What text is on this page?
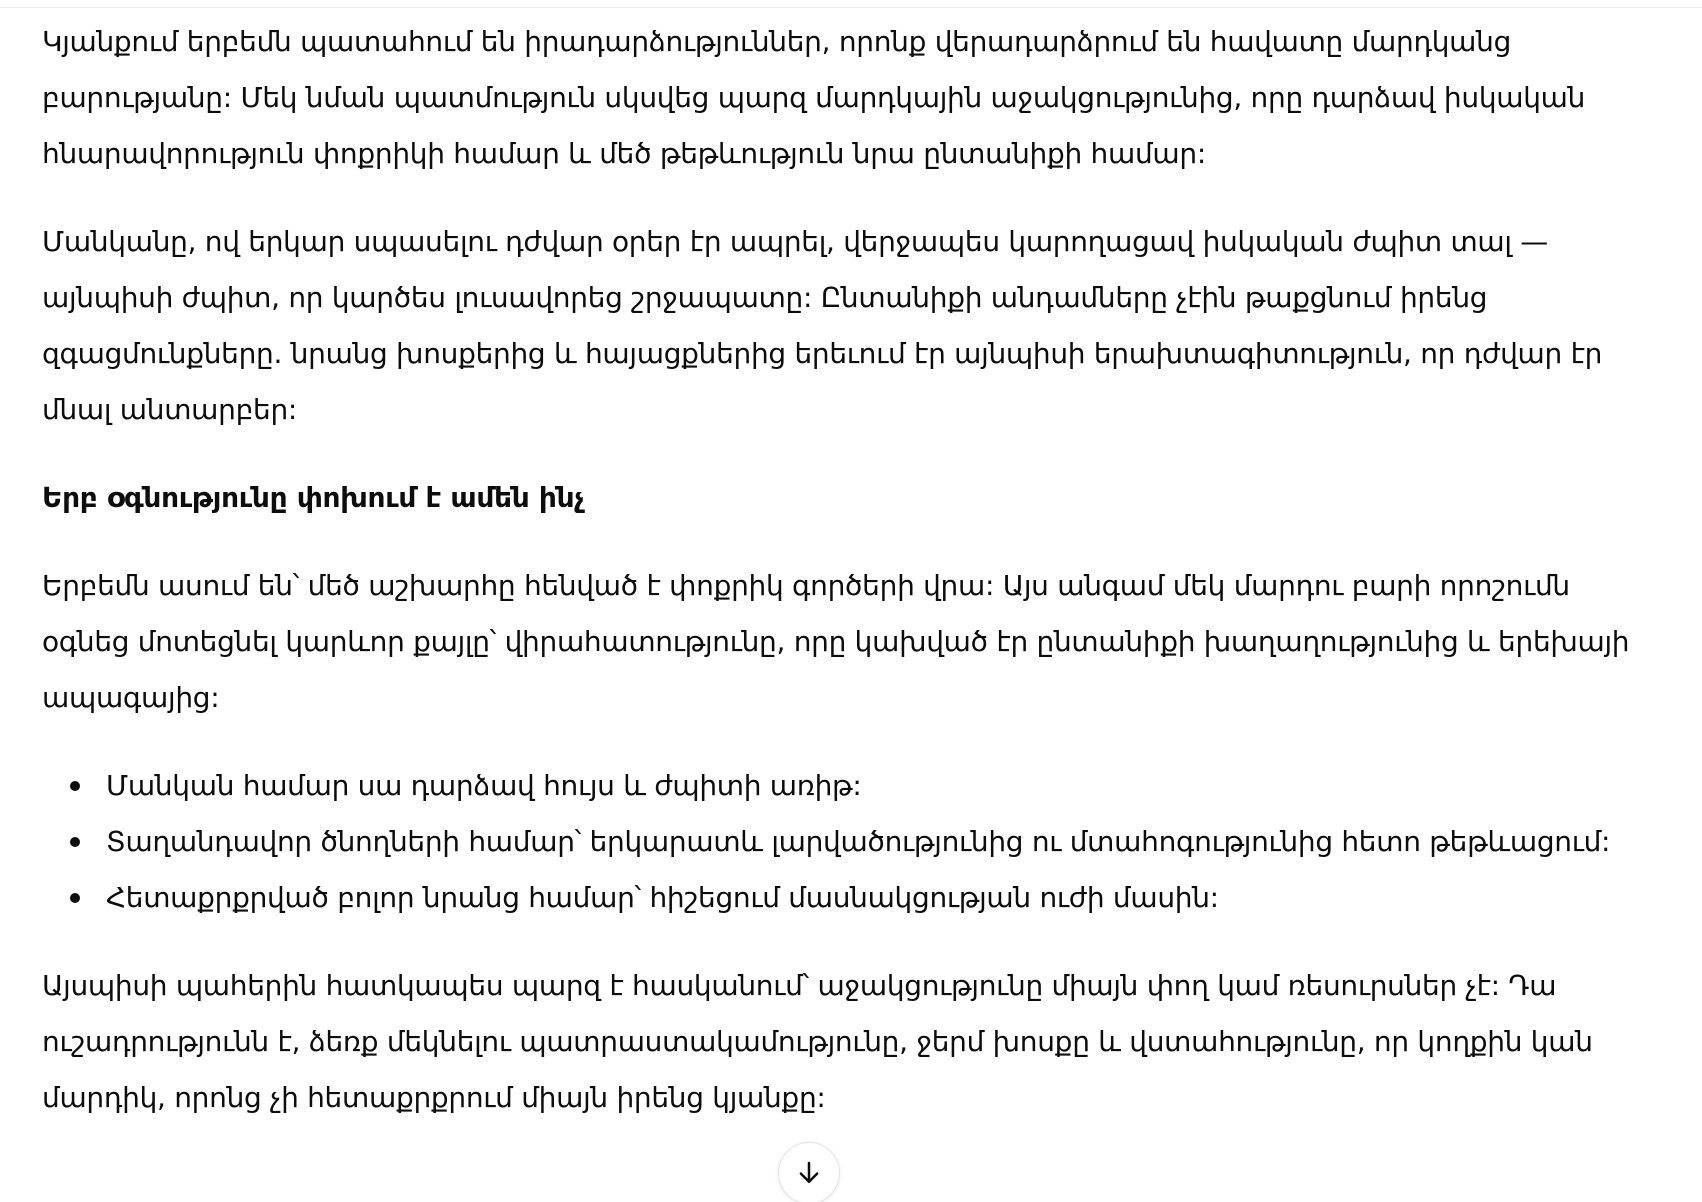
Կյանքում երբեմն պատահում են իրադարձություններ, որոնք վերադարձրում են հավատը մարդկանց բարությանը: Մեկ նման պատմություն սկսվեց պարզ մարդկային աջակցությունից, որը դարձավ իսկական հնարավորություն փոքրիկի համար և մեծ թեթևություն նրա ընտանիքի համար:

Մանկանը, ով երկար սպասելու դժվար օրեր էր ապրել, վերջապես կարողացավ իսկական ժպիտ տալ — այնպիսի ժպիտ, որ կարծես լուսավորեց շրջապատը: Ընտանիքի անդամները չէին թաքցնում իրենց զգացմունքները. նրանց խոսքերից և հայացքներից երեւում էր այնպիսի երախտագիտություն, որ դժվար էր մնալ անտարբեր:

Երբ օգնությունը փոխում է ամեն ինչ

Երբեմն ասում են՝ մեծ աշխարհը հենված է փոքրիկ գործերի վրա: Այս անգամ մեկ մարդու բարի որոշումն օգնեց մոտեցնել կարևոր քայլը՝ վիրահատությունը, որը կախված էր ընտանիքի խաղաղությունից և երեխայի ապագայից:

Մանկան համար սա դարձավ հույս և ժպիտի առիթ:
Տաղանդավոր ծնողների համար՝ երկարատև լարվածությունից ու մտահոգությունից հետո թեթևացում:
Հետաքրքրված բոլոր նրանց համար՝ հիշեցում մասնակցության ուժի մասին:

Այսպիսի պահերին հատկապես պարզ է հասկանում՝ աջակցությունը միայն փող կամ ռեսուրսներ չէ: Դա ուշադրությունն է, ձեռք մեկնելու պատրաստակամությունը, ջերմ խոսքը և վստահությունը, որ կողքին կան մարդիկ, որոնց չի հետաքրքրում միայն իրենց կյանքը:
